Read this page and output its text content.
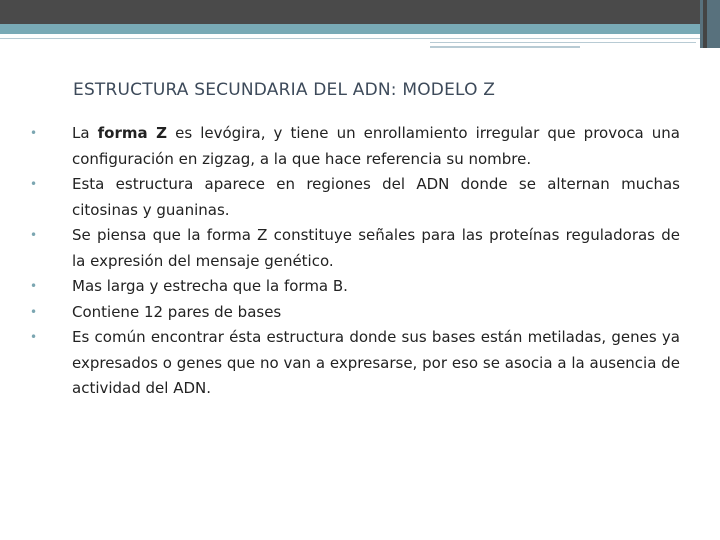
ESTRUCTURA SECUNDARIA DEL ADN: MODELO Z
• La forma Z es levógira, y tiene un enrollamiento irregular que provoca una configuración en zigzag, a la que hace referencia su nombre.
• Esta estructura aparece en regiones del ADN donde se alternan muchas citosinas y guaninas.
• Se piensa que la forma Z constituye señales para las proteínas reguladoras de la expresión del mensaje genético.
• Mas larga y estrecha que la forma B.
• Contiene 12 pares de bases
• Es común encontrar ésta estructura donde sus bases están metiladas, genes ya expresados o genes que no van a expresarse, por eso se asocia a la ausencia de actividad del ADN.
